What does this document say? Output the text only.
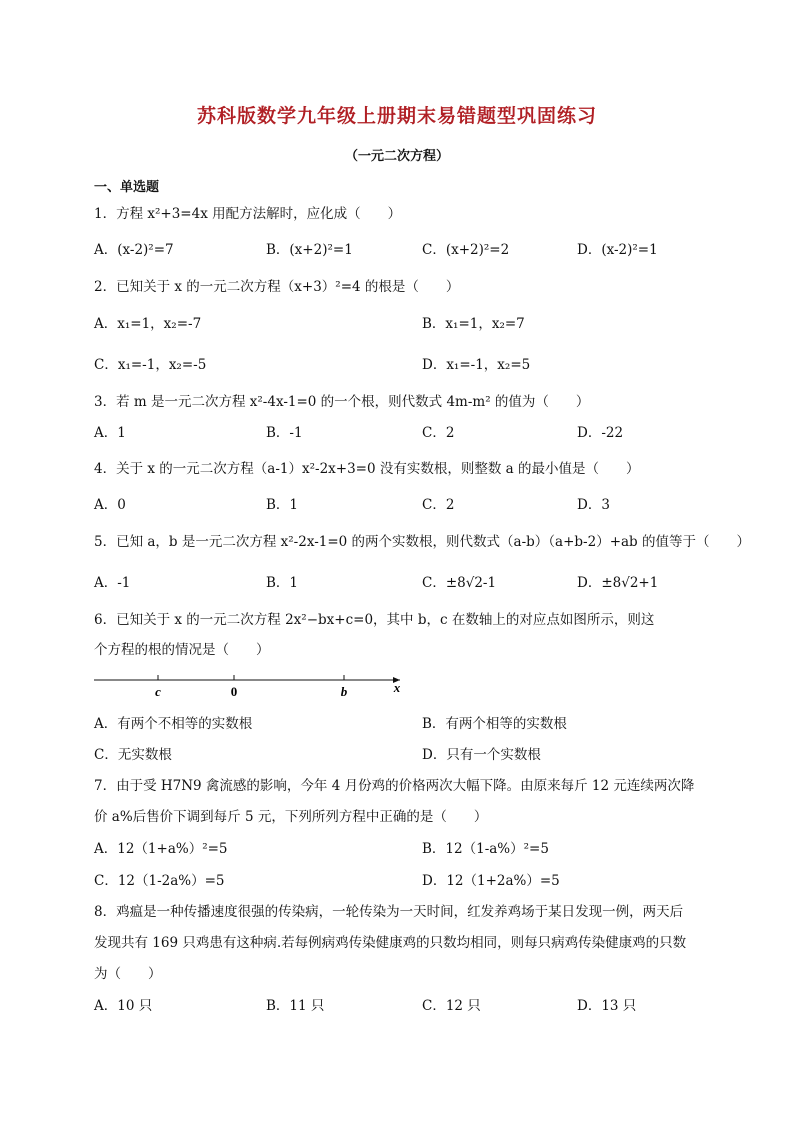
苏科版数学九年级上册期末易错题型巩固练习
（一元二次方程）
一、单选题
1．方程 x²+3=4x 用配方法解时，应化成（　　）
A．(x-2)²=7	B．(x+2)²=1	C．(x+2)²=2	D．(x-2)²=1
2．已知关于 x 的一元二次方程（x+3）²=4 的根是（　　）
A．x₁=1，x₂=-7	B．x₁=1，x₂=7
C．x₁=-1，x₂=-5	D．x₁=-1，x₂=5
3．若 m 是一元二次方程 x²-4x-1=0 的一个根，则代数式 4m-m² 的值为（　　）
A．1	B．-1	C．2	D．-22
4．关于 x 的一元二次方程（a-1）x²-2x+3=0 没有实数根，则整数 a 的最小值是（　　）
A．0	B．1	C．2	D．3
5．已知 a，b 是一元二次方程 x²-2x-1=0 的两个实数根，则代数式（a-b）（a+b-2）+ab 的值等于（　　）
A．-1	B．1	C．±8√2-1	D．±8√2+1
6．已知关于 x 的一元二次方程 2x²−bx+c=0，其中 b，c 在数轴上的对应点如图所示，则这
个方程的根的情况是（　　）
c	0	b	x
A．有两个不相等的实数根	B．有两个相等的实数根
C．无实数根	D．只有一个实数根
7．由于受 H7N9 禽流感的影响，今年 4 月份鸡的价格两次大幅下降。由原来每斤 12 元连续两次降
价 a%后售价下调到每斤 5 元，下列所列方程中正确的是（　　）
A．12（1+a%）²=5	B．12（1-a%）²=5
C．12（1-2a%）=5	D．12（1+2a%）=5
8．鸡瘟是一种传播速度很强的传染病，一轮传染为一天时间，红发养鸡场于某日发现一例，两天后
发现共有 169 只鸡患有这种病.若每例病鸡传染健康鸡的只数均相同，则每只病鸡传染健康鸡的只数
为（　　）
A．10 只	B．11 只	C．12 只	D．13 只
